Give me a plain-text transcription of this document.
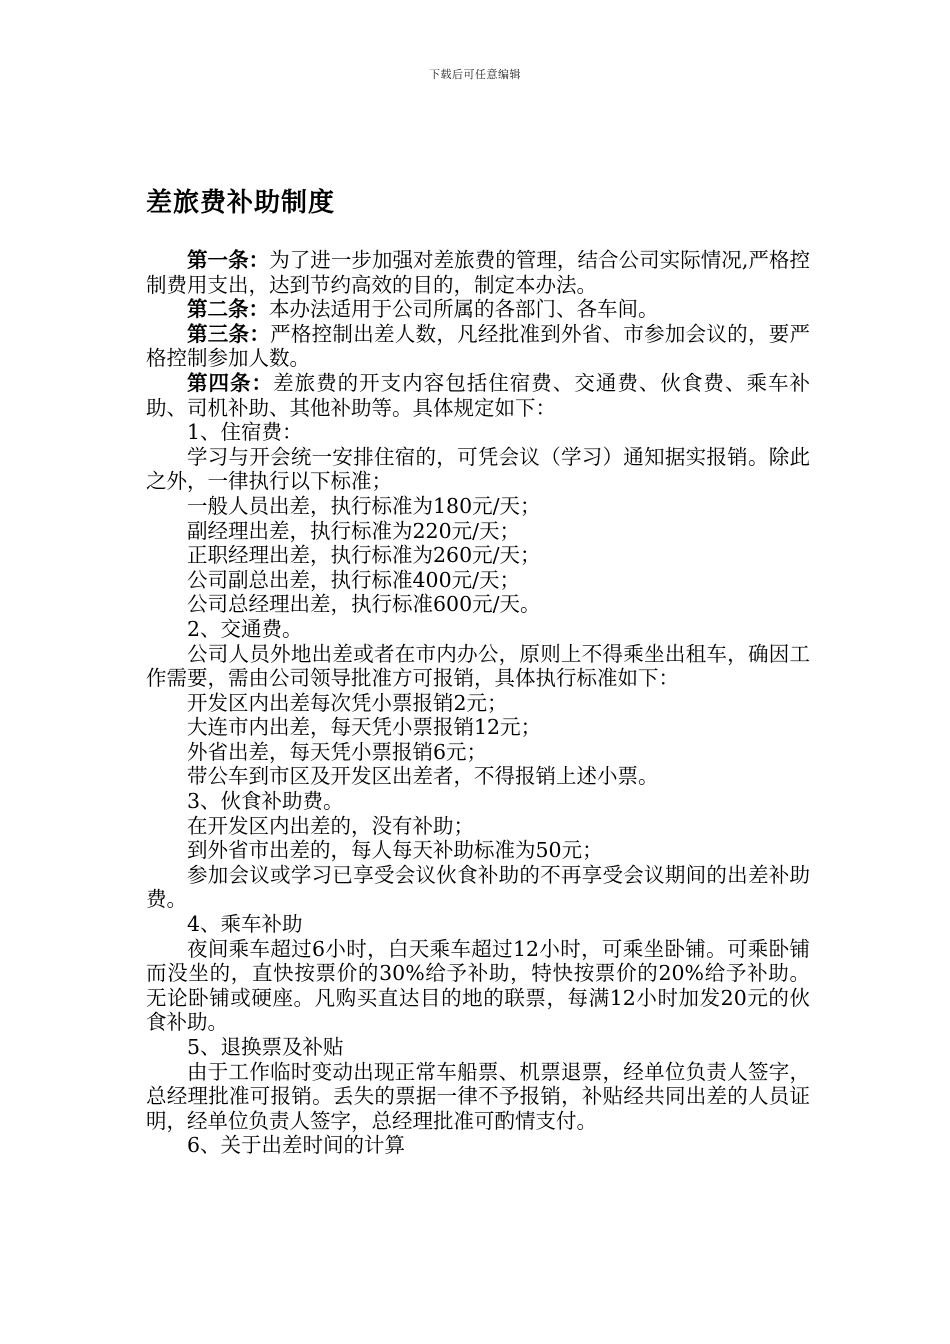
下载后可任意编辑
差旅费补助制度

第一条：为了进一步加强对差旅费的管理，结合公司实际情况,严格控制费用支出，达到节约高效的目的，制定本办法。

第二条：本办法适用于公司所属的各部门、各车间。

第三条：严格控制出差人数，凡经批准到外省、市参加会议的，要严格控制参加人数。

第四条：差旅费的开支内容包括住宿费、交通费、伙食费、乘车补助、司机补助、其他补助等。具体规定如下：

1、住宿费：

学习与开会统一安排住宿的，可凭会议（学习）通知据实报销。除此之外，一律执行以下标准；

一般人员出差，执行标准为180元/天；

副经理出差，执行标准为220元/天；

正职经理出差，执行标准为260元/天；

公司副总出差，执行标准400元/天；

公司总经理出差，执行标准600元/天。

2、交通费。

公司人员外地出差或者在市内办公，原则上不得乘坐出租车，确因工作需要，需由公司领导批准方可报销，具体执行标准如下：

开发区内出差每次凭小票报销2元；

大连市内出差，每天凭小票报销12元；

外省出差，每天凭小票报销6元；

带公车到市区及开发区出差者，不得报销上述小票。

3、伙食补助费。

在开发区内出差的，没有补助；

到外省市出差的，每人每天补助标准为50元；

参加会议或学习已享受会议伙食补助的不再享受会议期间的出差补助费。

4、乘车补助

夜间乘车超过6小时，白天乘车超过12小时，可乘坐卧铺。可乘卧铺而没坐的，直快按票价的30%给予补助，特快按票价的20%给予补助。无论卧铺或硬座。凡购买直达目的地的联票，每满12小时加发20元的伙食补助。

5、退换票及补贴

由于工作临时变动出现正常车船票、机票退票，经单位负责人签字，总经理批准可报销。丢失的票据一律不予报销，补贴经共同出差的人员证明，经单位负责人签字，总经理批准可酌情支付。

6、关于出差时间的计算
